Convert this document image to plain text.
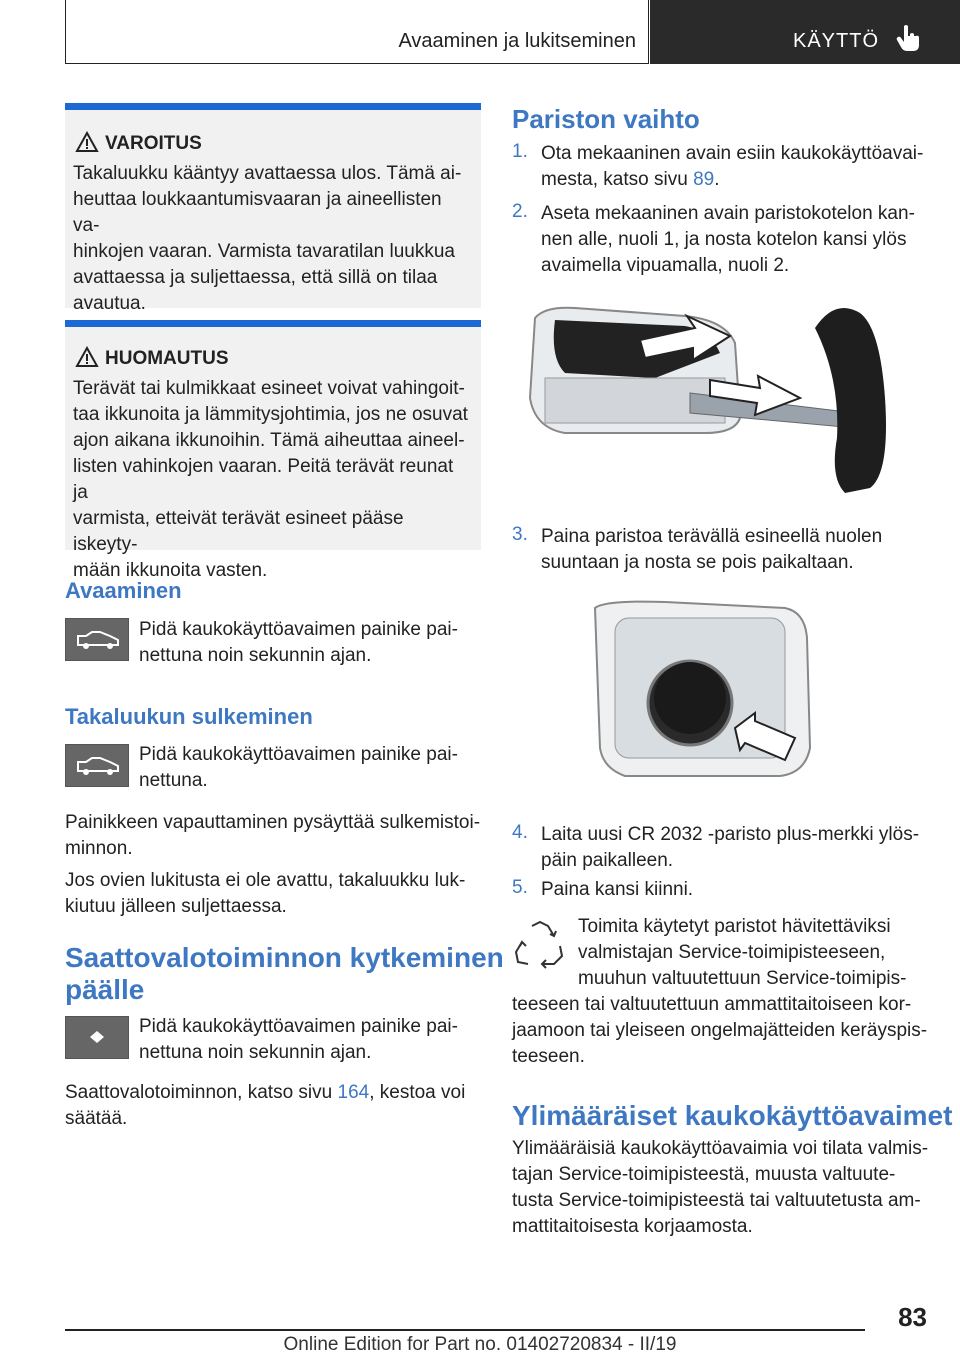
Avaaminen ja lukitseminen	KÄYTTÖ
VAROITUS
Takaluukku kääntyy avattaessa ulos. Tämä ai-
heuttaa loukkaantumisvaaran ja aineellisten va-
hinkojen vaaran. Varmista tavaratilan luukkua
avattaessa ja suljettaessa, että sillä on tilaa
avautua.
HUOMAUTUS
Terävät tai kulmikkaat esineet voivat vahingoit-
taa ikkunoita ja lämmitysjohtimia, jos ne osuvat
ajon aikana ikkunoihin. Tämä aiheuttaa aineel-
listen vahinkojen vaaran. Peitä terävät reunat ja
varmista, etteivät terävät esineet pääse iskeyty-
mään ikkunoita vasten.
Avaaminen
Pidä kaukokäyttöavaimen painike pai-
nettuna noin sekunnin ajan.
Takaluukun sulkeminen
Pidä kaukokäyttöavaimen painike pai-
nettuna.
Painikkeen vapauttaminen pysäyttää sulkemistoi-
minnon.
Jos ovien lukitusta ei ole avattu, takaluukku luk-
kiutuu jälleen suljettaessa.
Saattovalotoiminnon kytkeminen
päälle
Pidä kaukokäyttöavaimen painike pai-
nettuna noin sekunnin ajan.
Saattovalotoiminnon, katso sivu 164, kestoa voi
säätää.
Pariston vaihto
1. Ota mekaaninen avain esiin kaukokäyttöavai-
mesta, katso sivu 89.
2. Aseta mekaaninen avain paristokotelon kan-
nen alle, nuoli 1, ja nosta kotelon kansi ylös
avaimella vipuamalla, nuoli 2.
3. Paina paristoa terävällä esineellä nuolen
suuntaan ja nosta se pois paikaltaan.
4. Laita uusi CR 2032 -paristo plus-merkki ylös-
päin paikalleen.
5. Paina kansi kiinni.
Toimita käytetyt paristot hävitettäviksi
valmistajan Service-toimipisteeseen,
muuhun valtuutettuun Service-toimipis-
teeseen tai valtuutettuun ammattitaitoiseen kor-
jaamoon tai yleiseen ongelmajätteiden keräyspis-
teeseen.
Ylimääräiset kaukokäyttöavaimet
Ylimääräisiä kaukokäyttöavaimia voi tilata valmis-
tajan Service-toimipisteestä, muusta valtuute-
tusta Service-toimipisteestä tai valtuutetusta am-
mattitaitoisesta korjaamosta.
83
Online Edition for Part no. 01402720834 - II/19
